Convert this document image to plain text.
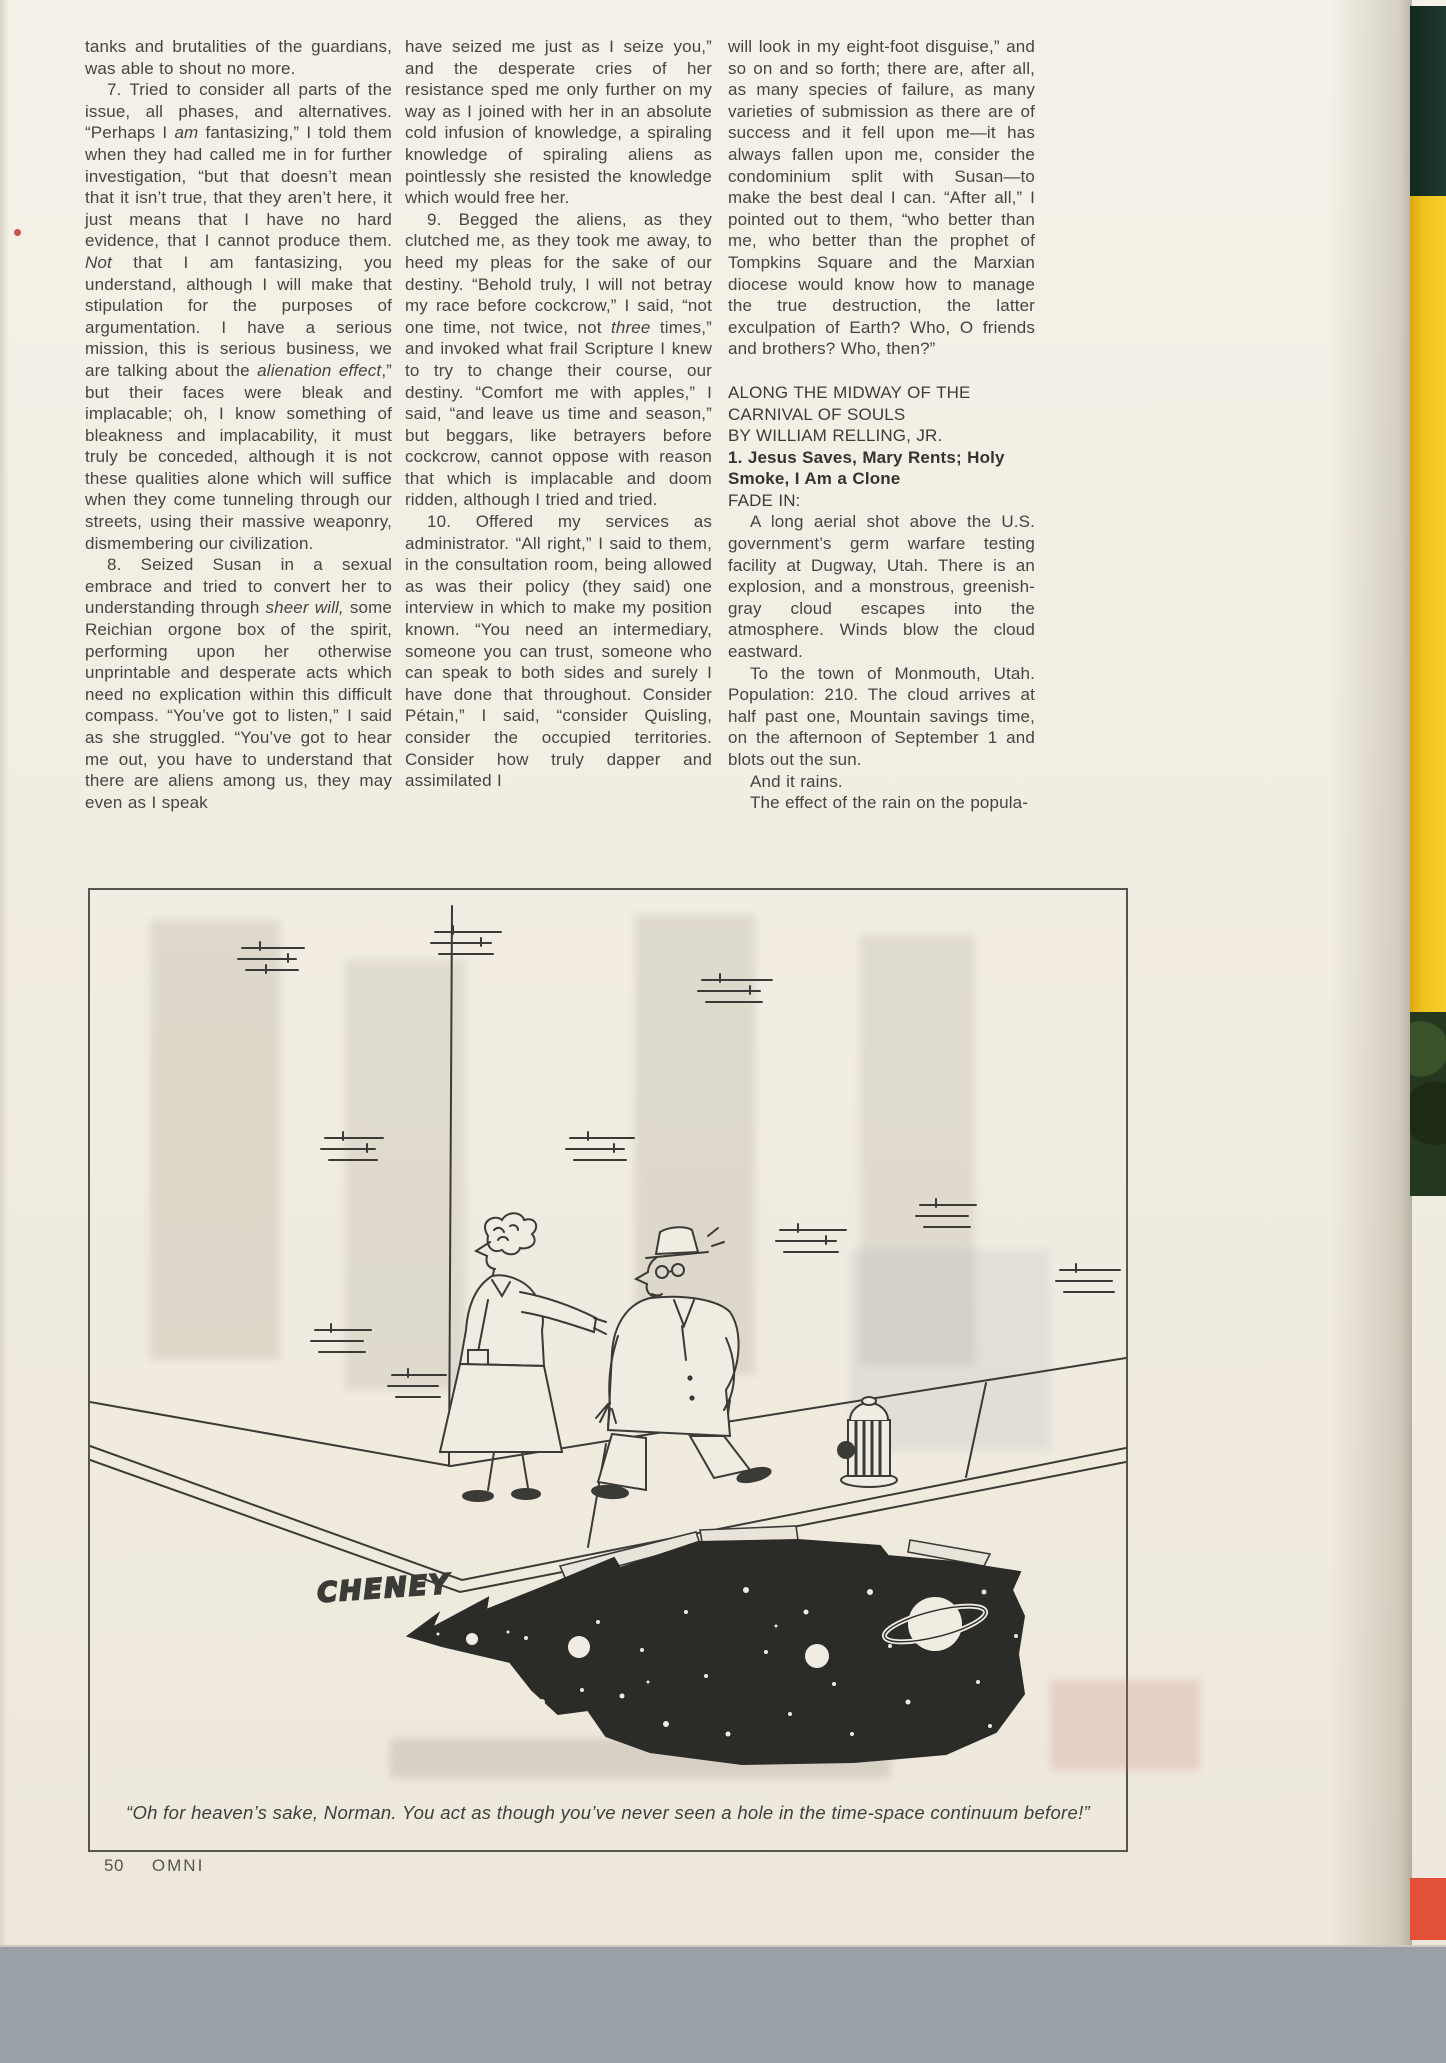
tanks and brutalities of the guardians, was able to shout no more.

7. Tried to consider all parts of the issue, all phases, and alternatives. “Perhaps I am fantasizing,” I told them when they had called me in for further investigation, “but that doesn’t mean that it isn’t true, that they aren’t here, it just means that I have no hard evidence, that I cannot produce them. Not that I am fantasizing, you understand, although I will make that stipulation for the purposes of argumentation. I have a serious mission, this is serious business, we are talking about the alienation effect,” but their faces were bleak and implacable; oh, I know something of bleakness and implacability, it must truly be conceded, although it is not these qualities alone which will suffice when they come tunneling through our streets, using their massive weaponry, dismembering our civilization.

8. Seized Susan in a sexual embrace and tried to convert her to understanding through sheer will, some Reichian orgone box of the spirit, performing upon her otherwise unprintable and desperate acts which need no explication within this difficult compass. “You’ve got to listen,” I said as she struggled. “You’ve got to hear me out, you have to understand that there are aliens among us, they may even as I speak

have seized me just as I seize you,” and the desperate cries of her resistance sped me only further on my way as I joined with her in an absolute cold infusion of knowledge, a spiraling knowledge of spiraling aliens as pointlessly she resisted the knowledge which would free her.

9. Begged the aliens, as they clutched me, as they took me away, to heed my pleas for the sake of our destiny. “Behold truly, I will not betray my race before cockcrow,” I said, “not one time, not twice, not three times,” and invoked what frail Scripture I knew to try to change their course, our destiny. “Comfort me with apples,” I said, “and leave us time and season,” but beggars, like betrayers before cockcrow, cannot oppose with reason that which is implacable and doom ridden, although I tried and tried.

10. Offered my services as administrator. “All right,” I said to them, in the consultation room, being allowed as was their policy (they said) one interview in which to make my position known. “You need an intermediary, someone you can trust, someone who can speak to both sides and surely I have done that throughout. Consider Pétain,” I said, “consider Quisling, consider the occupied territories. Consider how truly dapper and assimilated I

will look in my eight-foot disguise,” and so on and so forth; there are, after all, as many species of failure, as many varieties of submission as there are of success and it fell upon me—it has always fallen upon me, consider the condominium split with Susan—to make the best deal I can. “After all,” I pointed out to them, “who better than me, who better than the prophet of Tompkins Square and the Marxian diocese would know how to manage the true destruction, the latter exculpation of Earth? Who, O friends and brothers? Who, then?”

ALONG THE MIDWAY OF THE CARNIVAL OF SOULS

BY WILLIAM RELLING, JR.

1. Jesus Saves, Mary Rents; Holy Smoke, I Am a Clone

FADE IN:

A long aerial shot above the U.S. government’s germ warfare testing facility at Dugway, Utah. There is an explosion, and a monstrous, greenish-gray cloud escapes into the atmosphere. Winds blow the cloud eastward.

To the town of Monmouth, Utah. Population: 210. The cloud arrives at half past one, Mountain savings time, on the afternoon of September 1 and blots out the sun.

And it rains.

The effect of the rain on the popula-

CHENEY
“Oh for heaven’s sake, Norman. You act as though you’ve never seen a hole in the time-space continuum before!”
50 OMNI
